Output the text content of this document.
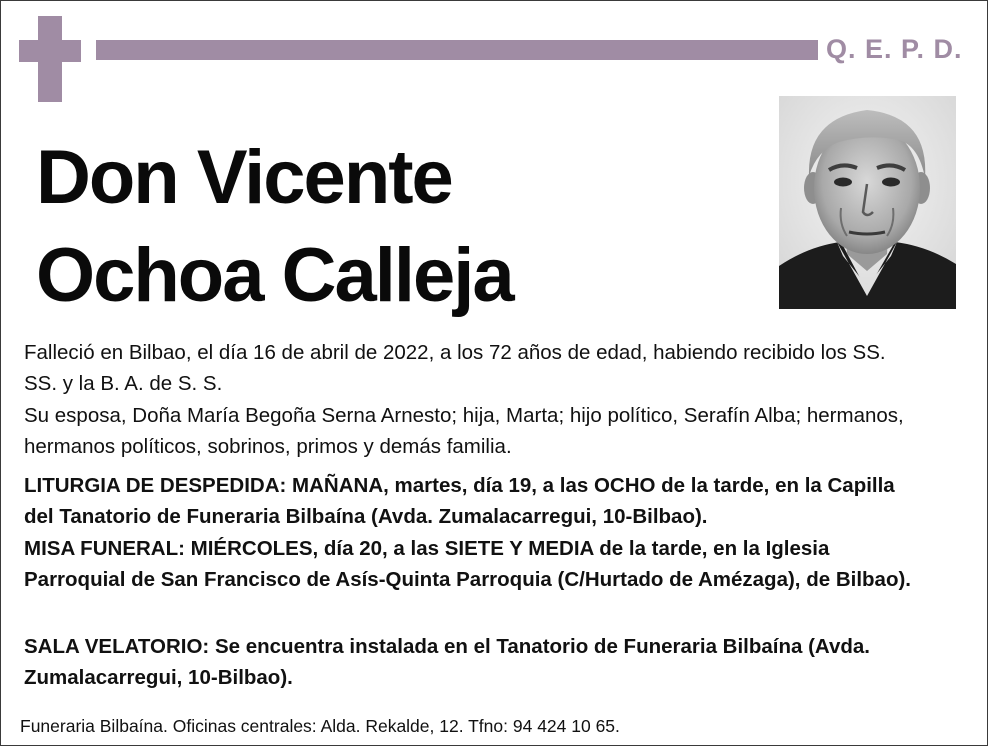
Q. E. P. D.
Don Vicente
Ochoa Calleja
Falleció en Bilbao, el día 16 de abril de 2022, a los 72 años de edad, habiendo recibido los SS. SS. y la B. A. de S. S.
Su esposa, Doña María Begoña Serna Arnesto; hija, Marta; hijo político, Serafín Alba; hermanos, hermanos políticos, sobrinos, primos y demás familia.
LITURGIA DE DESPEDIDA: MAÑANA, martes, día 19, a las OCHO de la tarde, en la Capilla del Tanatorio de Funeraria Bilbaína (Avda. Zumalacarregui, 10-Bilbao).
MISA FUNERAL: MIÉRCOLES, día 20, a las SIETE Y MEDIA de la tarde, en la Iglesia Parroquial de San Francisco de Asís-Quinta Parroquia (C/Hurtado de Amézaga), de Bilbao).
SALA VELATORIO: Se encuentra instalada en el Tanatorio de Funeraria Bilbaína (Avda. Zumalacarregui, 10-Bilbao).
Funeraria Bilbaína. Oficinas centrales: Alda. Rekalde, 12. Tfno: 94 424 10 65.
